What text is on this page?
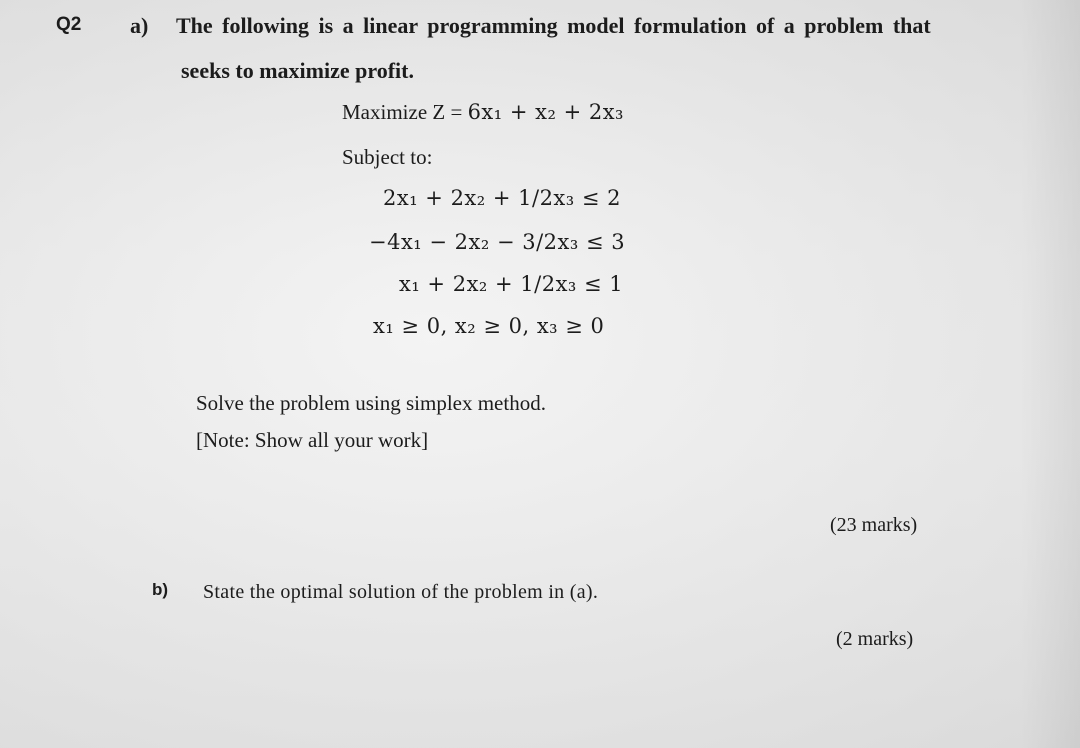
Q2 a) The following is a linear programming model formulation of a problem that
seeks to maximize profit.
Maximize Z = 6x₁ + x₂ + 2x₃
Subject to:
2x₁ + 2x₂ + 1/2x₃ ≤ 2
−4x₁ − 2x₂ − 3/2x₃ ≤ 3
x₁ + 2x₂ + 1/2x₃ ≤ 1
x₁ ≥ 0, x₂ ≥ 0, x₃ ≥ 0
Solve the problem using simplex method.
[Note: Show all your work]
(23 marks)
b) State the optimal solution of the problem in (a).
(2 marks)
